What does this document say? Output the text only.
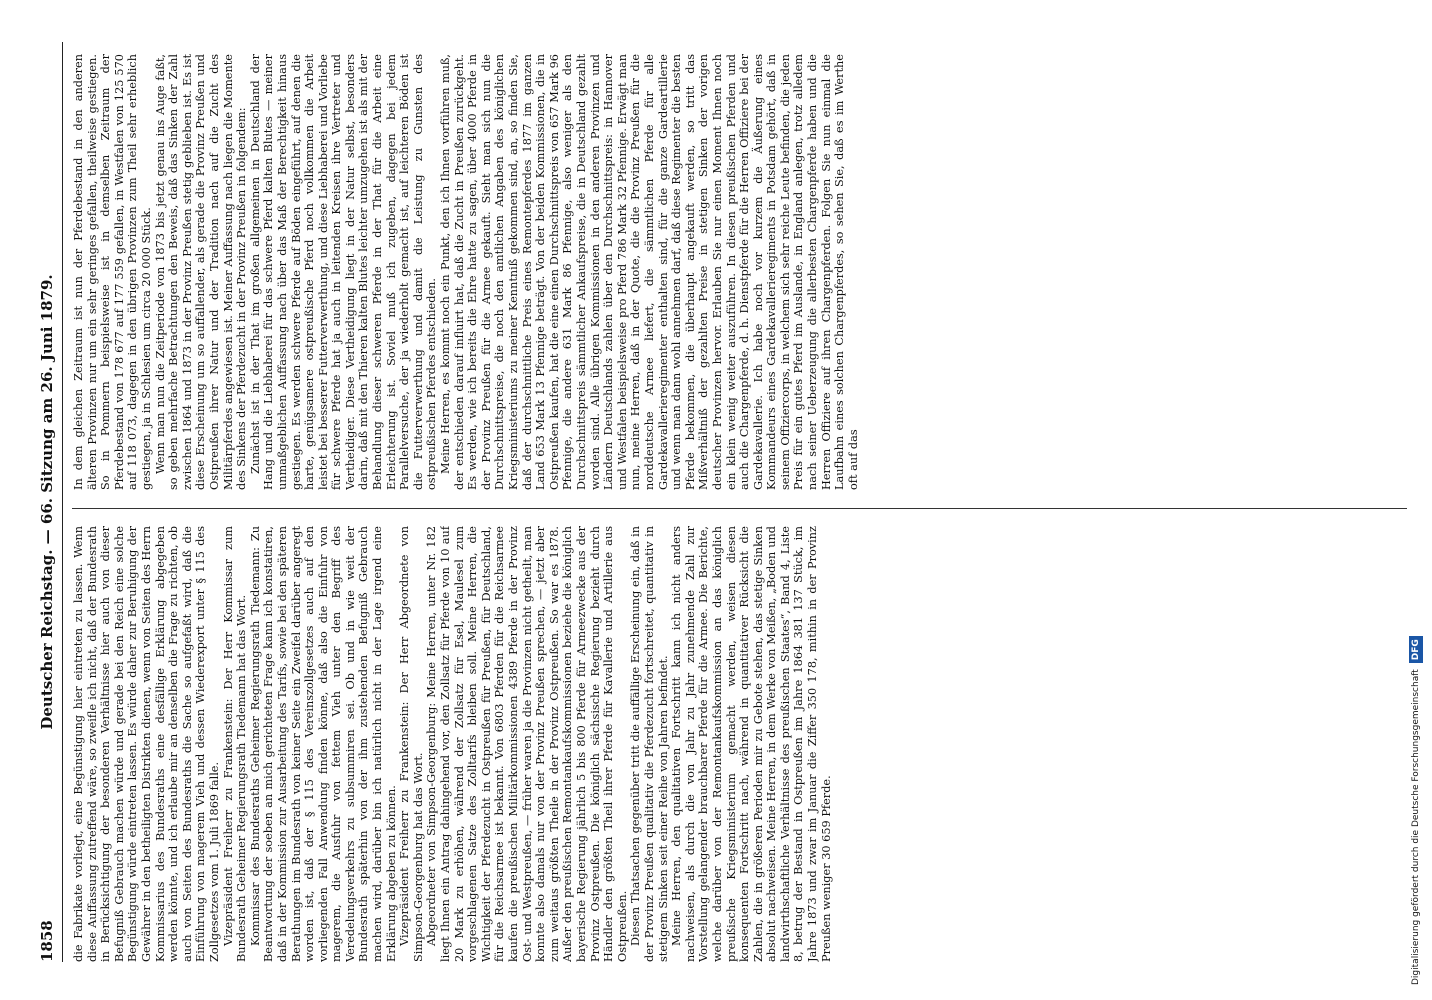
1858
Deutscher Reichstag. — 66. Sitzung am 26. Juni 1879.

die Fabrikate vorliegt, eine Begünstigung hier eintreten zu lassen. Wenn diese Auffassung zutreffend wäre, so zweifle ich nicht, daß der Bundesrath in Berücksichtigung der besonderen Verhältnisse hier auch von dieser Befugniß Gebrauch machen würde und gerade bei den Reich eine solche Begünstigung würde eintreten lassen. Es würde daher zur Beruhigung der Gewährer in den betheiligten Distrikten dienen, wenn von Seiten des Herrn Kommissarius des Bundesraths eine desfällige Erklärung abgegeben werden könnte, und ich erlaube mir an denselben die Frage zu richten, ob auch von Seiten des Bundesraths die Sache so aufgefaßt wird, daß die Einführung von magerem Vieh und dessen Wiederexport unter § 115 des Zollgesetzes vom 1. Juli 1869 falle. Vizepräsident Freiherr zu Frankenstein: Der Herr Kommissar zum Bundesrath Geheimer Regierungsrath Tiedemann hat das Wort. Kommissar des Bundesraths Geheimer Regierungsrath Tiedemann: Zu Beantwortung der soeben an mich gerichteten Frage kann ich konstatiren, daß in der Kommission zur Ausarbeitung des Tarifs, sowie bei den späteren Berathungen im Bundesrath von keiner Seite ein Zweifel darüber angeregt worden ist, daß der § 115 des Vereinszollgesetzes auch auf den vorliegenden Fall Anwendung finden könne, daß also die Einfuhr von magerem, die Ausfuhr von fettem Vieh unter den Begriff des Veredelungsverkehrs zu subsummiren sei. Ob und in wie weit der Bundesrath späterhin von der ihm zustehenden Befugniß Gebrauch machen wird, darüber bin ich natürlich nicht in der Lage irgend eine Erklärung abgeben zu können. Vizepräsident Freiherr zu Frankenstein: Der Herr Abgeordnete von Simpson-Georgenburg hat das Wort. Abgeordneter von Simpson-Georgenburg: Meine Herren, unter Nr. 182 liegt Ihnen ein Antrag dahingehend vor, den Zollsatz für Pferde von 10 auf 20 Mark zu erhöhen, während der Zollsatz für Esel, Maulesel zum vorgeschlagenen Satze des Zolltarifs bleiben soll. Meine Herren, die Wichtigkeit der Pferdezucht in Ostpreußen für Preußen, für Deutschland, für die Reichsarmee ist bekannt. Von 6803 Pferden für die Reichsarmee kaufen die preußischen Militärkommissionen 4389 Pferde in der Provinz Ost- und Westpreußen, — früher waren ja die Provinzen nicht getheilt, man konnte also damals nur von der Provinz Preußen sprechen, — jetzt aber zum weitaus größten Theile in der Provinz Ostpreußen. So war es 1878. Außer den preußischen Remontankaufskommissionen beziehe die königlich bayerische Regierung jährlich 5 bis 800 Pferde für Armeezwecke aus der Provinz Ostpreußen. Die königlich sächsische Regierung bezieht durch Händler den größten Theil ihrer Pferde für Kavallerie und Artillerie aus Ostpreußen. Diesen Thatsachen gegenüber tritt die auffällige Erscheinung ein, daß in der Provinz Preußen qualitativ die Pferdezucht fortschreitet, quantitativ in stetigem Sinken seit einer Reihe von Jahren befindet. Meine Herren, den qualitativen Fortschritt kann ich nicht anders nachweisen, als durch die von Jahr zu Jahr zunehmende Zahl zur Vorstellung gelangender brauchbarer Pferde für die Armee. Die Berichte, welche darüber von der Remontankaufskommission an das königlich preußische Kriegsministerium gemacht werden, weisen diesen konsequenten Fortschritt nach, während in quantitativer Rücksicht die Zahlen, die in größeren Perioden mir zu Gebote stehen, das stetige Sinken absolut nachweisen. Meine Herren, in dem Werke von Meißen, „Boden und landwirthschaftliche Verhältnisse des preußischen Staates“, Band 4, Liste 8, betrug der Bestand in Ostpreußen im Jahre 1864 381 137 Stück, im Jahre 1873 und zwar im Januar die Ziffer 350 178, mithin in der Provinz Preußen weniger 30 659 Pferde.

In dem gleichen Zeitraum ist nun der Pferdebestand in den anderen älteren Provinzen nur um ein sehr geringes gefallen, theilweise gestiegen. So in Pommern beispielsweise ist in demselben Zeitraum der Pferdebestand von 178 677 auf 177 559 gefallen, in Westfalen von 125 570 auf 118 073, dagegen in den übrigen Provinzen zum Theil sehr erheblich gestiegen, ja in Schlesien um circa 20 000 Stück. Wenn man nun die Zeitperiode von 1873 bis jetzt genau ins Auge faßt, so geben mehrfache Betrachtungen den Beweis, daß das Sinken der Zahl zwischen 1864 und 1873 in der Provinz Preußen stetig geblieben ist. Es ist diese Erscheinung um so auffallender, als gerade die Provinz Preußen und Ostpreußen ihrer Natur und der Tradition nach auf die Zucht des Militärpferdes angewiesen ist. Meiner Auffassung nach liegen die Momente des Sinkens der Pferdezucht in der Provinz Preußen in folgendem: Zunächst ist in der That im großen allgemeinen in Deutschland der Hang und die Liebhaberei für das schwere Pferd kalten Blutes — meiner unmaßgeblichen Auffassung nach über das Maß der Berechtigkeit hinaus gestiegen. Es werden schwere Pferde auf Böden eingeführt, auf denen die harte, genügsamere ostpreußische Pferd noch vollkommen die Arbeit leistet bei besserer Futterverwerthung, und diese Liebhaberei und Vorliebe für schwere Pferde hat ja auch in leitenden Kreisen ihre Vertreter und Vertheidiger. Diese Vertheidigung liegt in der Natur selbst, besonders darin, daß mit den Thieren kalten Blutes leichter umzugehen ist als mit der Behandlung dieser schweren Pferde in der That für die Arbeit eine Erleichterung ist. Soviel muß ich zugeben, dagegen bei jedem Parallelversuche, der ja wiederholt gemacht ist, auf leichteren Böden ist die Futterverwerthung und damit die Leistung zu Gunsten des ostpreußischen Pferdes entschieden. Meine Herren, es kommt noch ein Punkt, den ich Ihnen vorführen muß, der entschieden darauf influirt hat, daß die Zucht in Preußen zurückgeht. Es werden, wie ich bereits die Ehre hatte zu sagen, über 4000 Pferde in der Provinz Preußen für die Armee gekauft. Sieht man sich nun die Durchschnittspreise, die noch den amtlichen Angaben des königlichen Kriegsministeriums zu meiner Kenntniß gekommen sind, an, so finden Sie, daß der durchschnittliche Preis eines Remontepferdes 1877 im ganzen Land 653 Mark 13 Pfennige beträgt. Von der beiden Kommissionen, die in Ostpreußen kaufen, hat die eine einen Durchschnittspreis von 657 Mark 96 Pfennige, die andere 631 Mark 86 Pfennige, also weniger als den Durchschnittspreis sämmtlicher Ankaufspreise, die in Deutschland gezahlt worden sind. Alle übrigen Kommissionen in den anderen Provinzen und Ländern Deutschlands zahlen über den Durchschnittspreis: in Hannover und Westfalen beispielsweise pro Pferd 786 Mark 32 Pfennige. Erwägt man nun, meine Herren, daß in der Quote, die die Provinz Preußen für die norddeutsche Armee liefert, die sämmtlichen Pferde für alle Gardekavallerieregimenter enthalten sind, für die ganze Gardeartillerie und wenn man dann wohl annehmen darf, daß diese Regimenter die besten Pferde bekommen, die überhaupt angekauft werden, so tritt das Mißverhältniß der gezahlten Preise in stetigen Sinken der vorigen deutscher Provinzen hervor. Erlauben Sie nur einen Moment Ihnen noch ein klein wenig weiter auszuführen. In diesen preußischen Pferden und auch die Chargenpferde, d. h. Dienstpferde für die Herren Offiziere bei der Gardekavallerie. Ich habe noch vor kurzem die Äußerung eines Kommandeurs eines Gardekavallerieregiments in Potsdam gehört, daß in seinem Offiziercorps, in welchem sich sehr reiche Leute befinden, die jeden Preis für ein gutes Pferd im Auslande, in England anlegen, trotz alledem nach seiner Ueberzeugung die allerbesten Chargenpferde haben und die Herren Offiziere auf ihren Chargenpferden. Folgen Sie nun einmal die Laufbahn eines solchen Chargenpferdes, so sehen Sie, daß es im Werthe oft auf das

Digitalisierung gefördert durch die Deutsche ForschungsgemeinschaftDFG
